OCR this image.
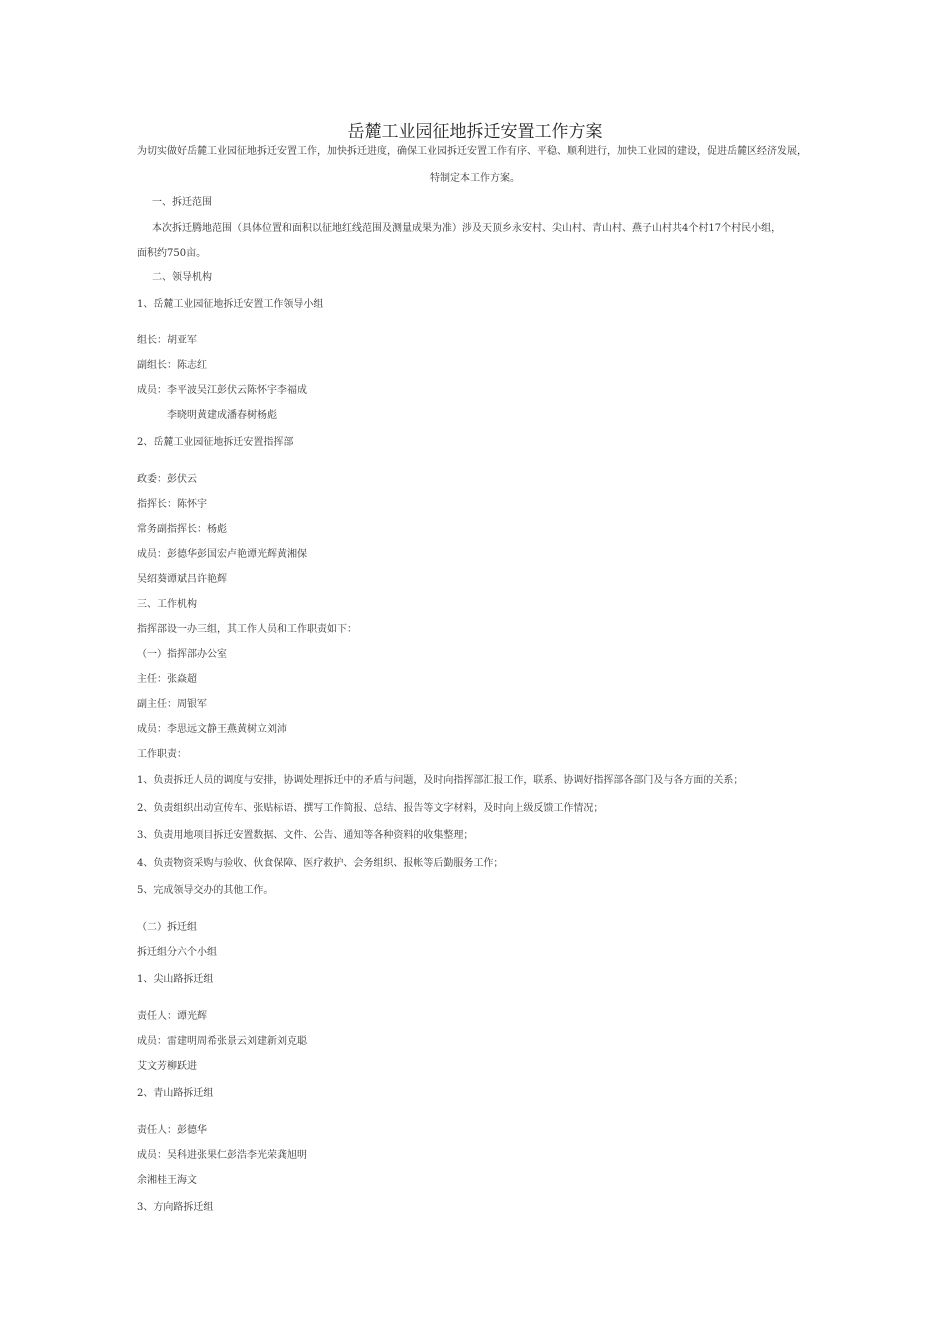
岳麓工业园征地拆迁安置工作方案
为切实做好岳麓工业园征地拆迁安置工作，加快拆迁进度，确保工业园拆迁安置工作有序、平稳、顺利进行，加快工业园的建设，促进岳麓区经济发展，
特制定本工作方案。
一、拆迁范围
本次拆迁腾地范围（具体位置和面积以征地红线范围及测量成果为准）涉及天顶乡永安村、尖山村、青山村、燕子山村共4个村17个村民小组，
面积约750亩。
二、领导机构
1、岳麓工业园征地拆迁安置工作领导小组
组长：胡亚军
副组长：陈志红
成员：李平波吴江彭伏云陈怀宇李福成
李晓明黄建成潘春树杨彪
2、岳麓工业园征地拆迁安置指挥部
政委：彭伏云
指挥长：陈怀宇
常务副指挥长：杨彪
成员：彭德华彭国宏卢艳谭光辉黄湘保
吴绍葵谭斌吕许艳辉
三、工作机构
指挥部设一办三组，其工作人员和工作职责如下：
（一）指挥部办公室
主任：张焱超
副主任：周银军
成员：李思远文静王燕黄树立刘沛
工作职责：
1、负责拆迁人员的调度与安排，协调处理拆迁中的矛盾与问题，及时向指挥部汇报工作，联系、协调好指挥部各部门及与各方面的关系；
2、负责组织出动宣传车、张贴标语、撰写工作简报、总结、报告等文字材料，及时向上级反馈工作情况；
3、负责用地项目拆迁安置数据、文件、公告、通知等各种资料的收集整理；
4、负责物资采购与验收、伙食保障、医疗救护、会务组织、报帐等后勤服务工作；
5、完成领导交办的其他工作。
（二）拆迁组
拆迁组分六个小组
1、尖山路拆迁组
责任人：谭光辉
成员：雷建明周希张景云刘建新刘克聪
艾文芳柳跃进
2、青山路拆迁组
责任人：彭德华
成员：吴科进张果仁彭浩李光荣龚旭明
余湘桂王海文
3、方向路拆迁组
